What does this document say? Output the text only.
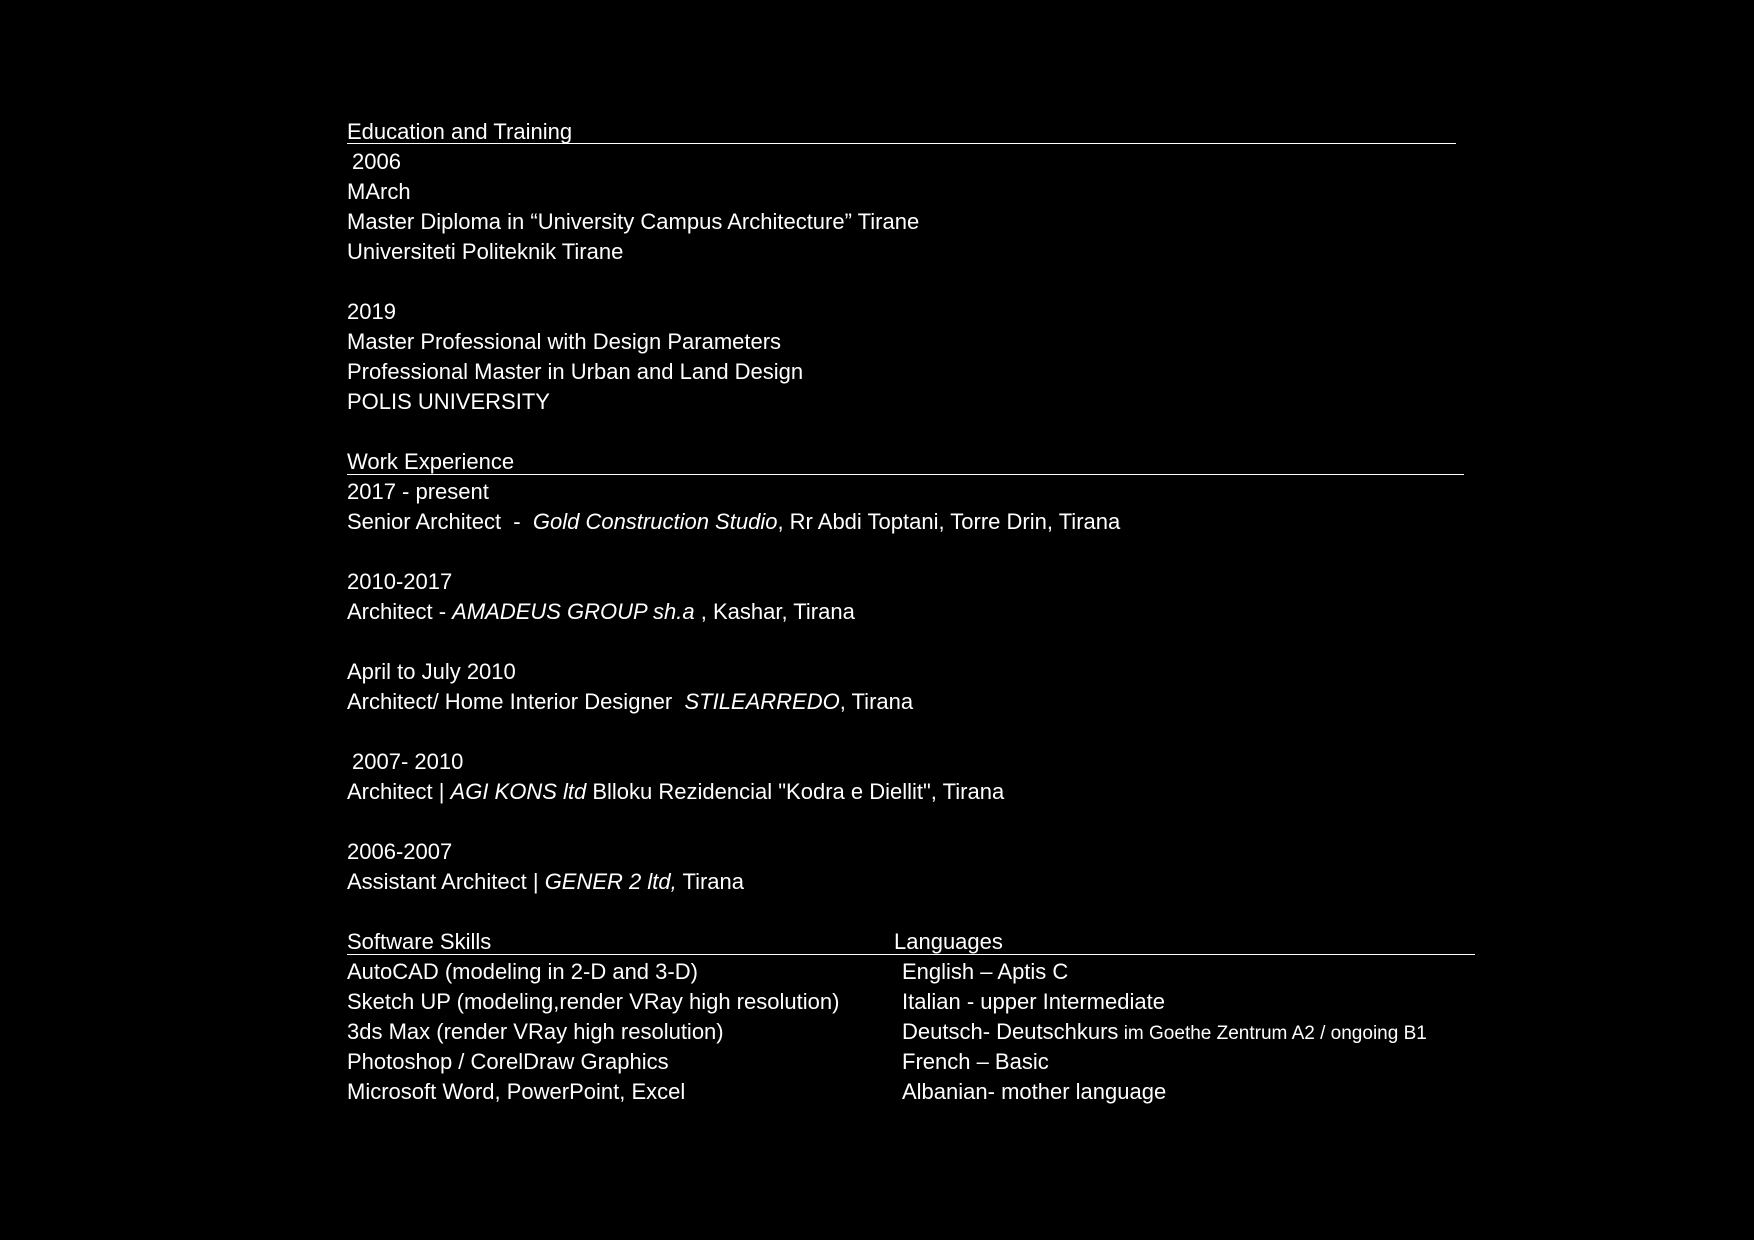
Education and Training
2006
MArch
Master Diploma in “University Campus Architecture” Tirane
Universiteti Politeknik Tirane
2019
Master Professional with Design Parameters
Professional Master in Urban and Land Design
POLIS UNIVERSITY
Work Experience
2017 - present
Senior Architect  -  Gold Construction Studio, Rr Abdi Toptani, Torre Drin, Tirana
2010-2017
Architect - AMADEUS GROUP sh.a , Kashar, Tirana
April to July 2010
Architect/ Home Interior Designer  STILEARREDO, Tirana
2007- 2010
Architect | AGI KONS ltd Blloku Rezidencial "Kodra e Diellit", Tirana
2006-2007
Assistant Architect | GENER 2 ltd, Tirana
Software Skills	Languages
AutoCAD (modeling in 2-D and 3-D)
Sketch UP (modeling,render VRay high resolution)
3ds Max (render VRay high resolution)
Photoshop / CorelDraw Graphics
Microsoft Word, PowerPoint, Excel
English – Aptis C
Italian - upper Intermediate
Deutsch- Deutschkurs im Goethe Zentrum A2 / ongoing B1
French – Basic
Albanian- mother language
